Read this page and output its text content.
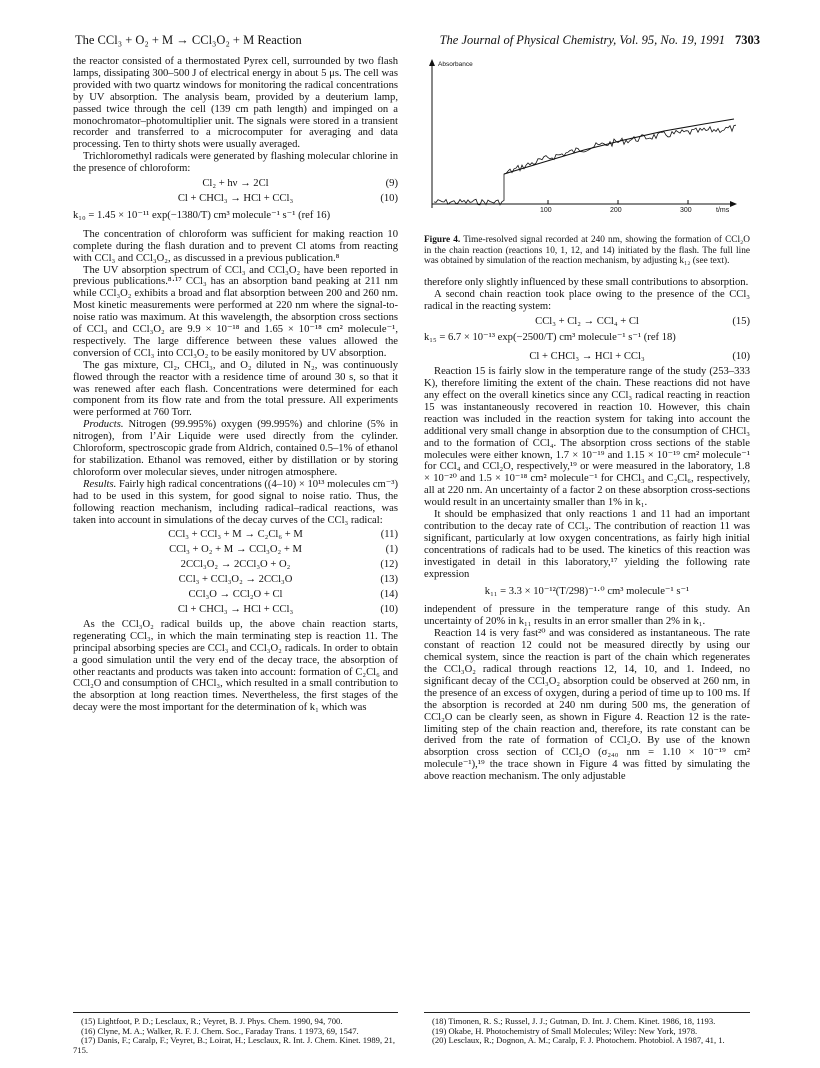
The CCl₃ + O₂ + M → CCl₃O₂ + M Reaction	The Journal of Physical Chemistry, Vol. 95, No. 19, 1991 7303

the reactor consisted of a thermostated Pyrex cell, surrounded by two flash lamps, dissipating 300–500 J of electrical energy in about 5 μs. The cell was provided with two quartz windows for monitoring the radical concentrations by UV absorption. The analysis beam, provided by a deuterium lamp, passed twice through the cell (139 cm path length) and impinged on a monochromator–photomultiplier unit. The signals were stored in a transient recorder and transferred to a microcomputer for averaging and data processing. Ten to thirty shots were usually averaged.

Trichloromethyl radicals were generated by flashing molecular chlorine in the presence of chloroform:

Cl₂ + hν → 2Cl	(9)
Cl + CHCl₃ → HCl + CCl₃	(10)
k₁₀ = 1.45 × 10⁻¹¹ exp(−1380/T) cm³ molecule⁻¹ s⁻¹ (ref 16)

The concentration of chloroform was sufficient for making reaction 10 complete during the flash duration and to prevent Cl atoms from reacting with CCl₃ and CCl₃O₂, as discussed in a previous publication.⁸

The UV absorption spectrum of CCl₃ and CCl₃O₂ have been reported in previous publications.⁸·¹⁷ CCl₃ has an absorption band peaking at 211 nm while CCl₃O₂ exhibits a broad and flat absorption between 200 and 260 nm. Most kinetic measurements were performed at 220 nm where the signal-to-noise ratio was maximum. At this wavelength, the absorption cross sections of CCl₃ and CCl₃O₂ are 9.9 × 10⁻¹⁸ and 1.65 × 10⁻¹⁸ cm² molecule⁻¹, respectively. The large difference between these values allowed the conversion of CCl₃ into CCl₃O₂ to be easily monitored by UV absorption.

The gas mixture, Cl₂, CHCl₃, and O₂ diluted in N₂, was continuously flowed through the reactor with a residence time of around 30 s, so that it was renewed after each flash. Concentrations were determined for each component from its flow rate and from the total pressure. All experiments were performed at 760 Torr.

Products. Nitrogen (99.995%) oxygen (99.995%) and chlorine (5% in nitrogen), from l’Air Liquide were used directly from the cylinder. Chloroform, spectroscopic grade from Aldrich, contained 0.5–1% of ethanol for stabilization. Ethanol was removed, either by distillation or by storing chloroform over molecular sieves, under nitrogen atmosphere.

Results. Fairly high radical concentrations ((4–10) × 10¹³ molecules cm⁻³) had to be used in this system, for good signal to noise ratio. Thus, the following reaction mechanism, including radical–radical reactions, was taken into account in simulations of the decay curves of the CCl₃ radical:

CCl₃ + CCl₃ + M → C₂Cl₆ + M	(11)
CCl₃ + O₂ + M → CCl₃O₂ + M	(1)
2CCl₃O₂ → 2CCl₃O + O₂	(12)
CCl₃ + CCl₃O₂ → 2CCl₃O	(13)
CCl₃O → CCl₂O + Cl	(14)
Cl + CHCl₃ → HCl + CCl₃	(10)

As the CCl₃O₂ radical builds up, the above chain reaction starts, regenerating CCl₃, in which the main terminating step is reaction 11. The principal absorbing species are CCl₃ and CCl₃O₂ radicals. In order to obtain a good simulation until the very end of the decay trace, the absorption of other reactants and products was taken into account: formation of C₂Cl₆ and CCl₂O and consumption of CHCl₃, which resulted in a small contribution to the absorption at long reaction times. Nevertheless, the first stages of the decay were the most important for the determination of k₁ which was

Absorbance
100	200	300	t/ms
Figure 4. Time-resolved signal recorded at 240 nm, showing the formation of CCl₂O in the chain reaction (reactions 10, 1, 12, and 14) initiated by the flash. The full line was obtained by simulation of the reaction mechanism, by adjusting k₁₂ (see text).

therefore only slightly influenced by these small contributions to absorption.

A second chain reaction took place owing to the presence of the CCl₃ radical in the reacting system:

CCl₃ + Cl₂ → CCl₄ + Cl	(15)
k₁₅ = 6.7 × 10⁻¹³ exp(−2500/T) cm³ molecule⁻¹ s⁻¹ (ref 18)
Cl + CHCl₃ → HCl + CCl₃	(10)

Reaction 15 is fairly slow in the temperature range of the study (253–333 K), therefore limiting the extent of the chain. These reactions did not have any effect on the overall kinetics since any CCl₃ radical reacting in reaction 15 was instantaneously recovered in reaction 10. However, this chain reaction was included in the reaction system for taking into account the additional very small change in absorption due to the consumption of CHCl₃ and to the formation of CCl₄. The absorption cross sections of the stable molecules were either known, 1.7 × 10⁻¹⁹ and 1.15 × 10⁻¹⁹ cm² molecule⁻¹ for CCl₄ and CCl₂O, respectively,¹⁹ or were measured in the laboratory, 1.8 × 10⁻²⁰ and 1.5 × 10⁻¹⁸ cm² molecule⁻¹ for CHCl₃ and C₂Cl₆, respectively, all at 220 nm. An uncertainty of a factor 2 on these absorption cross-sections would result in an uncertainty smaller than 1% in k₁.

It should be emphasized that only reactions 1 and 11 had an important contribution to the decay rate of CCl₃. The contribution of reaction 11 was significant, particularly at low oxygen concentrations, as fairly high initial concentrations of radicals had to be used. The kinetics of this reaction was investigated in detail in this laboratory,¹⁷ yielding the following rate expression

k₁₁ = 3.3 × 10⁻¹²(T/298)⁻¹·⁰ cm³ molecule⁻¹ s⁻¹

independent of pressure in the temperature range of this study. An uncertainty of 20% in k₁₁ results in an error smaller than 2% in k₁.

Reaction 14 is very fast²⁰ and was considered as instantaneous. The rate constant of reaction 12 could not be measured directly by using our chemical system, since the reaction is part of the chain which regenerates the CCl₃O₂ radical through reactions 12, 14, 10, and 1. Indeed, no significant decay of the CCl₃O₂ absorption could be observed at 260 nm, in the presence of an excess of oxygen, during a period of time up to 100 ms. If the absorption is recorded at 240 nm during 500 ms, the generation of CCl₂O can be clearly seen, as shown in Figure 4. Reaction 12 is the rate-limiting step of the chain reaction and, therefore, its rate constant can be derived from the rate of formation of CCl₂O. By use of the known absorption cross section of CCl₂O (σ₂₄₀ nm = 1.10 × 10⁻¹⁹ cm² molecule⁻¹),¹⁹ the trace shown in Figure 4 was fitted by simulating the above reaction mechanism. The only adjustable

(15) Lightfoot, P. D.; Lesclaux, R.; Veyret, B. J. Phys. Chem. 1990, 94, 700.

(16) Clyne, M. A.; Walker, R. F. J. Chem. Soc., Faraday Trans. 1 1973, 69, 1547.

(17) Danis, F.; Caralp, F.; Veyret, B.; Loirat, H.; Lesclaux, R. Int. J. Chem. Kinet. 1989, 21, 715.

(18) Timonen, R. S.; Russel, J. J.; Gutman, D. Int. J. Chem. Kinet. 1986, 18, 1193.

(19) Okabe, H. Photochemistry of Small Molecules; Wiley: New York, 1978.

(20) Lesclaux, R.; Dognon, A. M.; Caralp, F. J. Photochem. Photobiol. A 1987, 41, 1.
